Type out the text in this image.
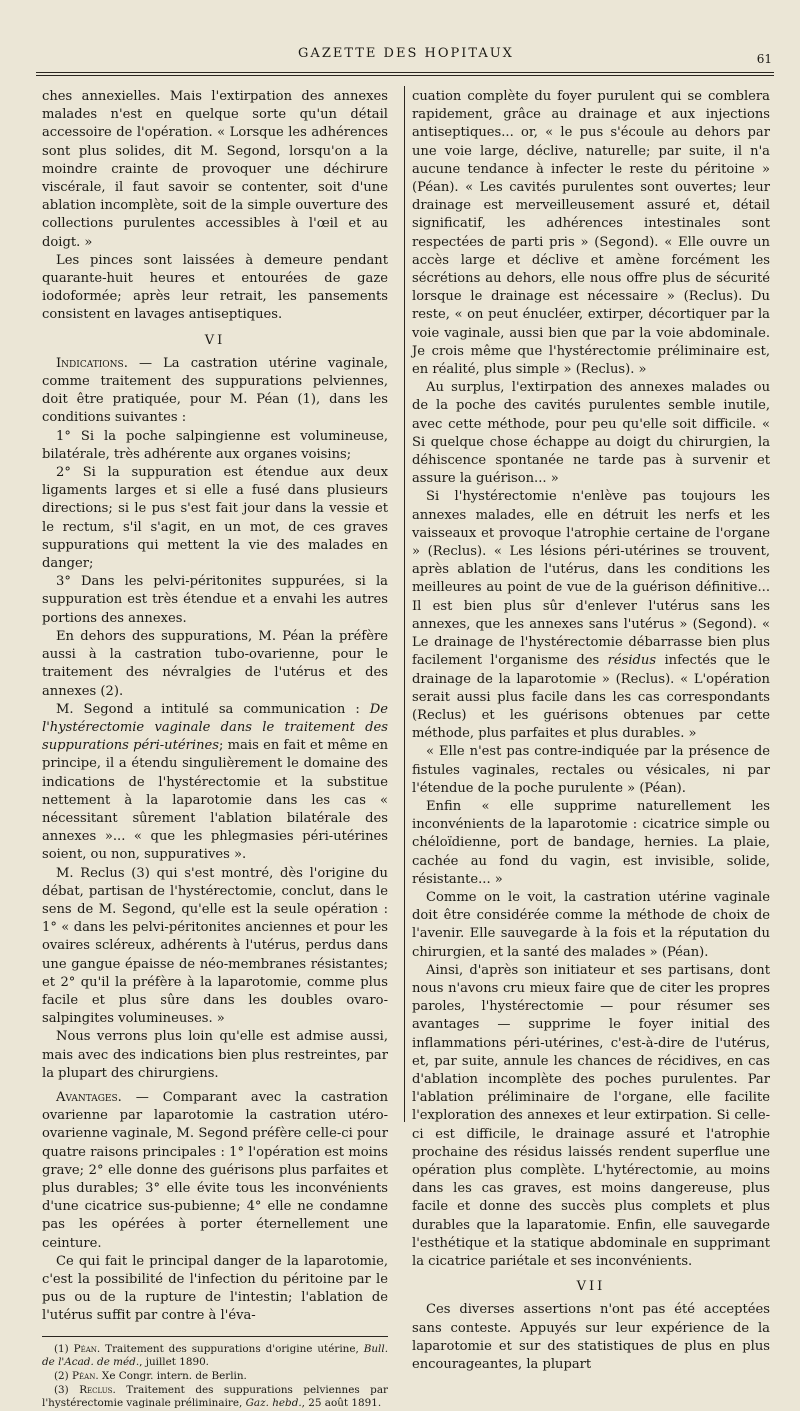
GAZETTE DES HOPITAUX	61

ches annexielles. Mais l'extirpation des annexes malades n'est en quelque sorte qu'un détail accessoire de l'opération. « Lorsque les adhérences sont plus solides, dit M. Segond, lorsqu'on a la moindre crainte de provoquer une déchirure viscérale, il faut savoir se contenter, soit d'une ablation incomplète, soit de la simple ouverture des collections purulentes accessibles à l'œil et au doigt. »

Les pinces sont laissées à demeure pendant quarante-huit heures et entourées de gaze iodoformée; après leur retrait, les pansements consistent en lavages antiseptiques.

VI

Indications. — La castration utérine vaginale, comme traitement des suppurations pelviennes, doit être pratiquée, pour M. Péan (1), dans les conditions suivantes :

1° Si la poche salpingienne est volumineuse, bilatérale, très adhérente aux organes voisins;

2° Si la suppuration est étendue aux deux ligaments larges et si elle a fusé dans plusieurs directions; si le pus s'est fait jour dans la vessie et le rectum, s'il s'agit, en un mot, de ces graves suppurations qui mettent la vie des malades en danger;

3° Dans les pelvi-péritonites suppurées, si la suppuration est très étendue et a envahi les autres portions des annexes.

En dehors des suppurations, M. Péan la préfère aussi à la castration tubo-ovarienne, pour le traitement des névralgies de l'utérus et des annexes (2).

M. Segond a intitulé sa communication : De l'hystérectomie vaginale dans le traitement des suppurations péri-utérines; mais en fait et même en principe, il a étendu singulièrement le domaine des indications de l'hystérectomie et la substitue nettement à la laparotomie dans les cas « nécessitant sûrement l'ablation bilatérale des annexes »... « que les phlegmasies péri-utérines soient, ou non, suppuratives ».

M. Reclus (3) qui s'est montré, dès l'origine du débat, partisan de l'hystérectomie, conclut, dans le sens de M. Segond, qu'elle est la seule opération : 1° « dans les pelvi-péritonites anciennes et pour les ovaires scléreux, adhérents à l'utérus, perdus dans une gangue épaisse de néo-membranes résistantes; et 2° qu'il la préfère à la laparotomie, comme plus facile et plus sûre dans les doubles ovaro-salpingites volumineuses. »

Nous verrons plus loin qu'elle est admise aussi, mais avec des indications bien plus restreintes, par la plupart des chirurgiens.

Avantages. — Comparant avec la castration ovarienne par laparotomie la castration utéro-ovarienne vaginale, M. Segond préfère celle-ci pour quatre raisons principales : 1° l'opération est moins grave; 2° elle donne des guérisons plus parfaites et plus durables; 3° elle évite tous les inconvénients d'une cicatrice sus-pubienne; 4° elle ne condamne pas les opérées à porter éternellement une ceinture.

Ce qui fait le principal danger de la laparotomie, c'est la possibilité de l'infection du péritoine par le pus ou de la rupture de l'intestin; l'ablation de l'utérus suffit par contre à l'éva-

(1) Péan. Traitement des suppurations d'origine utérine, Bull. de l'Acad. de méd., juillet 1890.

(2) Péan. Xe Congr. intern. de Berlin.

(3) Reclus. Traitement des suppurations pelviennes par l'hystérectomie vaginale préliminaire, Gaz. hebd., 25 août 1891.

cuation complète du foyer purulent qui se comblera rapidement, grâce au drainage et aux injections antiseptiques... or, « le pus s'écoule au dehors par une voie large, déclive, naturelle; par suite, il n'a aucune tendance à infecter le reste du péritoine » (Péan). « Les cavités purulentes sont ouvertes; leur drainage est merveilleusement assuré et, détail significatif, les adhérences intestinales sont respectées de parti pris » (Segond). « Elle ouvre un accès large et déclive et amène forcément les sécrétions au dehors, elle nous offre plus de sécurité lorsque le drainage est nécessaire » (Reclus). Du reste, « on peut énucléer, extirper, décortiquer par la voie vaginale, aussi bien que par la voie abdominale. Je crois même que l'hystérectomie préliminaire est, en réalité, plus simple » (Reclus). »

Au surplus, l'extirpation des annexes malades ou de la poche des cavités purulentes semble inutile, avec cette méthode, pour peu qu'elle soit difficile. « Si quelque chose échappe au doigt du chirurgien, la déhiscence spontanée ne tarde pas à survenir et assure la guérison... »

Si l'hystérectomie n'enlève pas toujours les annexes malades, elle en détruit les nerfs et les vaisseaux et provoque l'atrophie certaine de l'organe » (Reclus). « Les lésions péri-utérines se trouvent, après ablation de l'utérus, dans les conditions les meilleures au point de vue de la guérison définitive... Il est bien plus sûr d'enlever l'utérus sans les annexes, que les annexes sans l'utérus » (Segond). « Le drainage de l'hystérectomie débarrasse bien plus facilement l'organisme des résidus infectés que le drainage de la laparotomie » (Reclus). « L'opération serait aussi plus facile dans les cas correspondants (Reclus) et les guérisons obtenues par cette méthode, plus parfaites et plus durables. »

« Elle n'est pas contre-indiquée par la présence de fistules vaginales, rectales ou vésicales, ni par l'étendue de la poche purulente » (Péan).

Enfin « elle supprime naturellement les inconvénients de la laparotomie : cicatrice simple ou chéloïdienne, port de bandage, hernies. La plaie, cachée au fond du vagin, est invisible, solide, résistante... »

Comme on le voit, la castration utérine vaginale doit être considérée comme la méthode de choix de l'avenir. Elle sauvegarde à la fois et la réputation du chirurgien, et la santé des malades » (Péan).

Ainsi, d'après son initiateur et ses partisans, dont nous n'avons cru mieux faire que de citer les propres paroles, l'hystérectomie — pour résumer ses avantages — supprime le foyer initial des inflammations péri-utérines, c'est-à-dire de l'utérus, et, par suite, annule les chances de récidives, en cas d'ablation incomplète des poches purulentes. Par l'ablation préliminaire de l'organe, elle facilite l'exploration des annexes et leur extirpation. Si celle-ci est difficile, le drainage assuré et l'atrophie prochaine des résidus laissés rendent superflue une opération plus complète. L'hytérectomie, au moins dans les cas graves, est moins dangereuse, plus facile et donne des succès plus complets et plus durables que la laparatomie. Enfin, elle sauvegarde l'esthétique et la statique abdominale en supprimant la cicatrice pariétale et ses inconvénients.

VII

Ces diverses assertions n'ont pas été acceptées sans conteste. Appuyés sur leur expérience de la laparotomie et sur des statistiques de plus en plus encourageantes, la plupart
